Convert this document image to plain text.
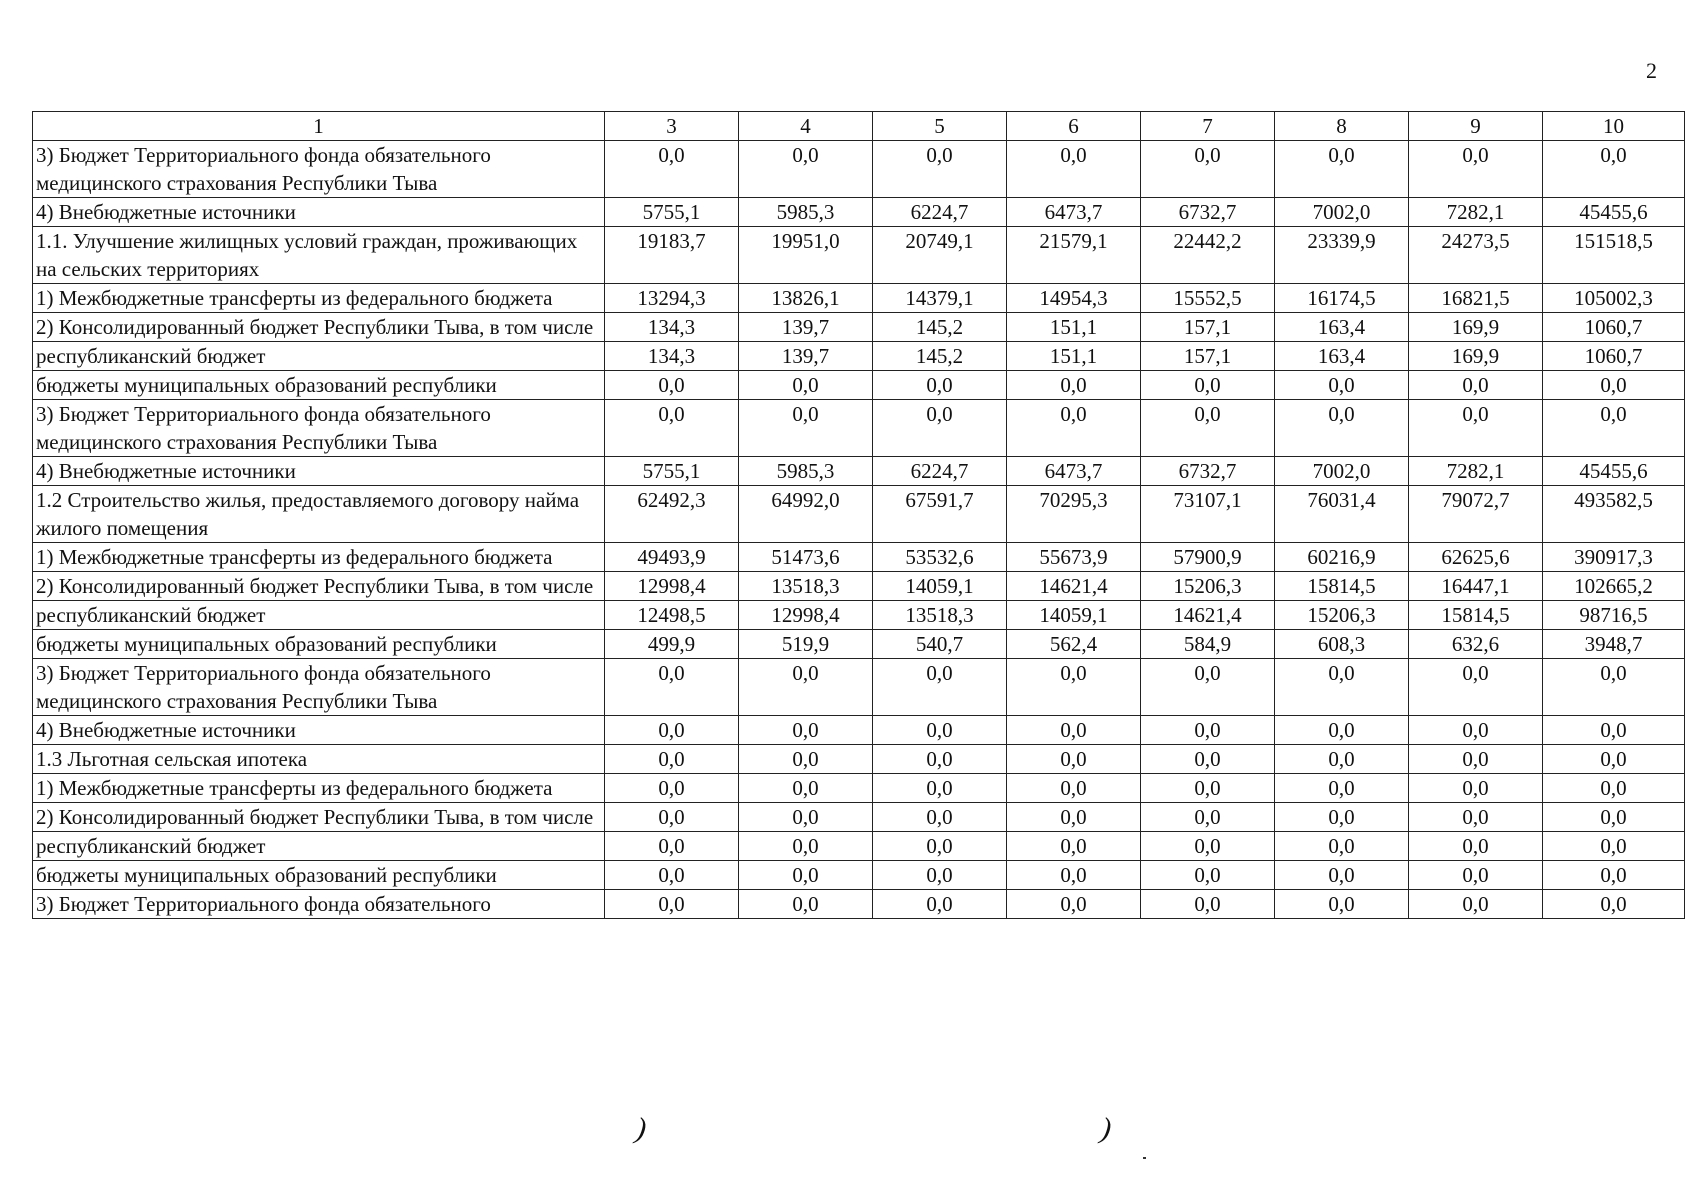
2
1	3	4	5	6	7	8	9	10
3) Бюджет Территориального фонда обязательного медицинского страхования Республики Тыва	0,0	0,0	0,0	0,0	0,0	0,0	0,0	0,0
4) Внебюджетные источники	5755,1	5985,3	6224,7	6473,7	6732,7	7002,0	7282,1	45455,6
1.1. Улучшение жилищных условий граждан, проживающих на сельских территориях	19183,7	19951,0	20749,1	21579,1	22442,2	23339,9	24273,5	151518,5
1) Межбюджетные трансферты из федерального бюджета	13294,3	13826,1	14379,1	14954,3	15552,5	16174,5	16821,5	105002,3
2) Консолидированный бюджет Республики Тыва, в том числе	134,3	139,7	145,2	151,1	157,1	163,4	169,9	1060,7
республиканский бюджет	134,3	139,7	145,2	151,1	157,1	163,4	169,9	1060,7
бюджеты муниципальных образований республики	0,0	0,0	0,0	0,0	0,0	0,0	0,0	0,0
3) Бюджет Территориального фонда обязательного медицинского страхования Республики Тыва	0,0	0,0	0,0	0,0	0,0	0,0	0,0	0,0
4) Внебюджетные источники	5755,1	5985,3	6224,7	6473,7	6732,7	7002,0	7282,1	45455,6
1.2 Строительство жилья, предоставляемого договору найма жилого помещения	62492,3	64992,0	67591,7	70295,3	73107,1	76031,4	79072,7	493582,5
1) Межбюджетные трансферты из федерального бюджета	49493,9	51473,6	53532,6	55673,9	57900,9	60216,9	62625,6	390917,3
2) Консолидированный бюджет Республики Тыва, в том числе	12998,4	13518,3	14059,1	14621,4	15206,3	15814,5	16447,1	102665,2
республиканский бюджет	12498,5	12998,4	13518,3	14059,1	14621,4	15206,3	15814,5	98716,5
бюджеты муниципальных образований республики	499,9	519,9	540,7	562,4	584,9	608,3	632,6	3948,7
3) Бюджет Территориального фонда обязательного медицинского страхования Республики Тыва	0,0	0,0	0,0	0,0	0,0	0,0	0,0	0,0
4) Внебюджетные источники	0,0	0,0	0,0	0,0	0,0	0,0	0,0	0,0
1.3 Льготная сельская ипотека	0,0	0,0	0,0	0,0	0,0	0,0	0,0	0,0
1) Межбюджетные трансферты из федерального бюджета	0,0	0,0	0,0	0,0	0,0	0,0	0,0	0,0
2) Консолидированный бюджет Республики Тыва, в том числе	0,0	0,0	0,0	0,0	0,0	0,0	0,0	0,0
республиканский бюджет	0,0	0,0	0,0	0,0	0,0	0,0	0,0	0,0
бюджеты муниципальных образований республики	0,0	0,0	0,0	0,0	0,0	0,0	0,0	0,0
3) Бюджет Территориального фонда обязательного	0,0	0,0	0,0	0,0	0,0	0,0	0,0	0,0
)	)
